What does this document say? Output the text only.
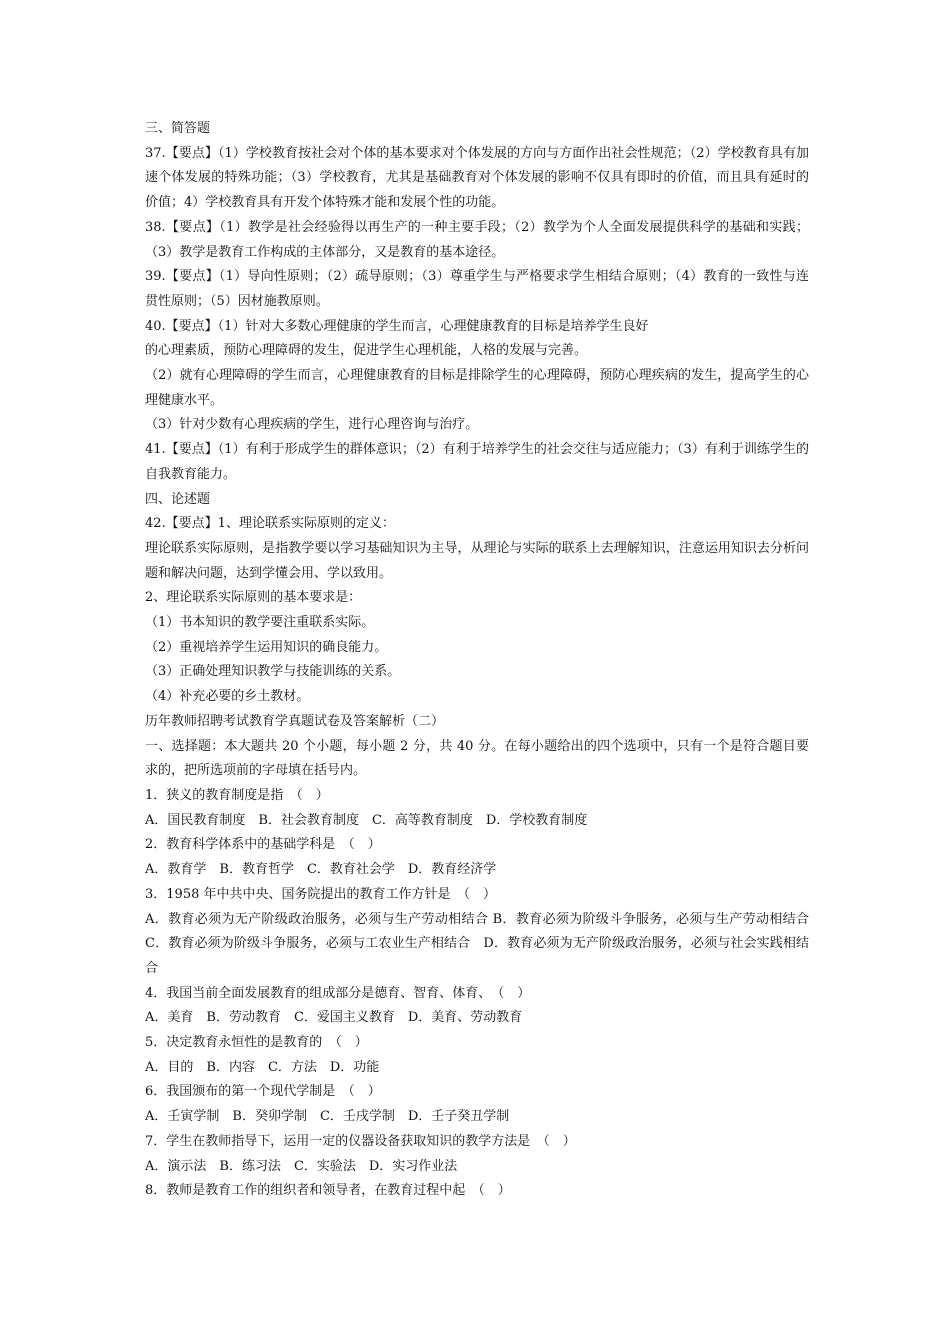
三、简答题

37.【要点】（1）学校教育按社会对个体的基本要求对个体发展的方向与方面作出社会性规范；（2）学校教育具有加速个体发展的特殊功能；（3）学校教育，尤其是基础教育对个体发展的影响不仅具有即时的价值，而且具有延时的价值；4）学校教育具有开发个体特殊才能和发展个性的功能。

38.【要点】（1）教学是社会经验得以再生产的一种主要手段；（2）教学为个人全面发展提供科学的基础和实践；（3）教学是教育工作构成的主体部分，又是教育的基本途径。

39.【要点】（1）导向性原则；（2）疏导原则；（3）尊重学生与严格要求学生相结合原则；（4）教育的一致性与连贯性原则；（5）因材施教原则。

40.【要点】（1）针对大多数心理健康的学生而言，心理健康教育的目标是培养学生良好

的心理素质，预防心理障碍的发生，促进学生心理机能，人格的发展与完善。

（2）就有心理障碍的学生而言，心理健康教育的目标是排除学生的心理障碍，预防心理疾病的发生，提高学生的心理健康水平。

（3）针对少数有心理疾病的学生，进行心理咨询与治疗。

41.【要点】（1）有利于形成学生的群体意识；（2）有利于培养学生的社会交往与适应能力；（3）有利于训练学生的自我教育能力。

四、论述题

42.【要点】1、理论联系实际原则的定义：

理论联系实际原则，是指教学要以学习基础知识为主导，从理论与实际的联系上去理解知识，注意运用知识去分析问题和解决问题，达到学懂会用、学以致用。

2、理论联系实际原则的基本要求是：

（1）书本知识的教学要注重联系实际。

（2）重视培养学生运用知识的确良能力。

（3）正确处理知识教学与技能训练的关系。

（4）补充必要的乡土教材。

历年教师招聘考试教育学真题试卷及答案解析（二）

一、选择题：本大题共 20 个小题，每小题 2 分，共 40 分。在每小题给出的四个选项中，只有一个是符合题目要求的，把所选项前的字母填在括号内。

1．狭义的教育制度是指　（　）

A．国民教育制度　B．社会教育制度　C．高等教育制度　D．学校教育制度

2．教育科学体系中的基础学科是　（　）

A．教育学　B．教育哲学　C．教育社会学　D．教育经济学

3．1958 年中共中央、国务院提出的教育工作方针是　（　）

A．教育必须为无产阶级政治服务，必须与生产劳动相结合 B．教育必须为阶级斗争服务，必须与生产劳动相结合 C．教育必须为阶级斗争服务，必须与工农业生产相结合　D．教育必须为无产阶级政治服务，必须与社会实践相结合

4．我国当前全面发展教育的组成部分是德育、智育、体育、　（　）

A．美育　B．劳动教育　C．爱国主义教育　D．美育、劳动教育

5．决定教育永恒性的是教育的　（　）

A．目的　B．内容　C．方法　D．功能

6．我国颁布的第一个现代学制是　（　）

A．壬寅学制　B．癸卯学制　C．壬戌学制　D．壬子癸丑学制

7．学生在教师指导下，运用一定的仪器设备获取知识的教学方法是　（　）

A．演示法　B．练习法　C．实验法　D．实习作业法

8．教师是教育工作的组织者和领导者，在教育过程中起　（　）
